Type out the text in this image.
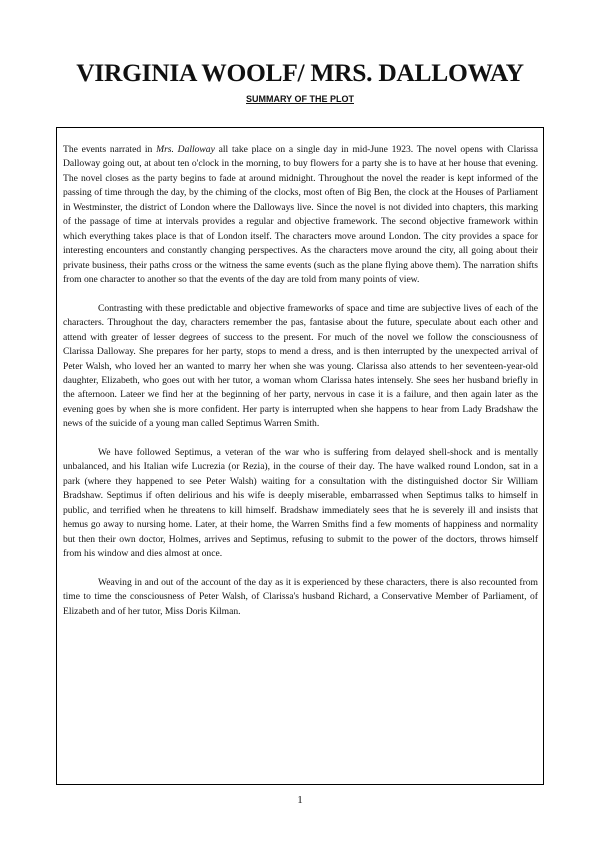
VIRGINIA WOOLF/ MRS. DALLOWAY
SUMMARY OF THE PLOT

The events narrated in Mrs. Dalloway all take place on a single day in mid-June 1923. The novel opens with Clarissa Dalloway going out, at about ten o'clock in the morning, to buy flowers for a party she is to have at her house that evening. The novel closes as the party begins to fade at around midnight. Throughout the novel the reader is kept informed of the passing of time through the day, by the chiming of the clocks, most often of Big Ben, the clock at the Houses of Parliament in Westminster, the district of London where the Dalloways live. Since the novel is not divided into chapters, this marking of the passage of time at intervals provides a regular and objective framework. The second objective framework within which everything takes place is that of London itself. The characters move around London. The city provides a space for interesting encounters and constantly changing perspectives. As the characters move around the city, all going about their private business, their paths cross or the witness the same events (such as the plane flying above them). The narration shifts from one character to another so that the events of the day are told from many points of view.

Contrasting with these predictable and objective frameworks of space and time are subjective lives of each of the characters. Throughout the day, characters remember the pas, fantasise about the future, speculate about each other and attend with greater of lesser degrees of success to the present. For much of the novel we follow the consciousness of Clarissa Dalloway. She prepares for her party, stops to mend a dress, and is then interrupted by the unexpected arrival of Peter Walsh, who loved her an wanted to marry her when she was young. Clarissa also attends to her seventeen-year-old daughter, Elizabeth, who goes out with her tutor, a woman whom Clarissa hates intensely. She sees her husband briefly in the afternoon. Lateer we find her at the beginning of her party, nervous in case it is a failure, and then again later as the evening goes by when she is more confident. Her party is interrupted when she happens to hear from Lady Bradshaw the news of the suicide of a young man called Septimus Warren Smith.

We have followed Septimus, a veteran of the war who is suffering from delayed shell-shock and is mentally unbalanced, and his Italian wife Lucrezia (or Rezia), in the course of their day. The have walked round London, sat in a park (where they happened to see Peter Walsh) waiting for a consultation with the distinguished doctor Sir William Bradshaw. Septimus if often delirious and his wife is deeply miserable, embarrassed when Septimus talks to himself in public, and terrified when he threatens to kill himself. Bradshaw immediately sees that he is severely ill and insists that hemus go away to nursing home. Later, at their home, the Warren Smiths find a few moments of happiness and normality but then their own doctor, Holmes, arrives and Septimus, refusing to submit to the power of the doctors, throws himself from his window and dies almost at once.

Weaving in and out of the account of the day as it is experienced by these characters, there is also recounted from time to time the consciousness of Peter Walsh, of Clarissa's husband Richard, a Conservative Member of Parliament, of Elizabeth and of her tutor, Miss Doris Kilman.

1
